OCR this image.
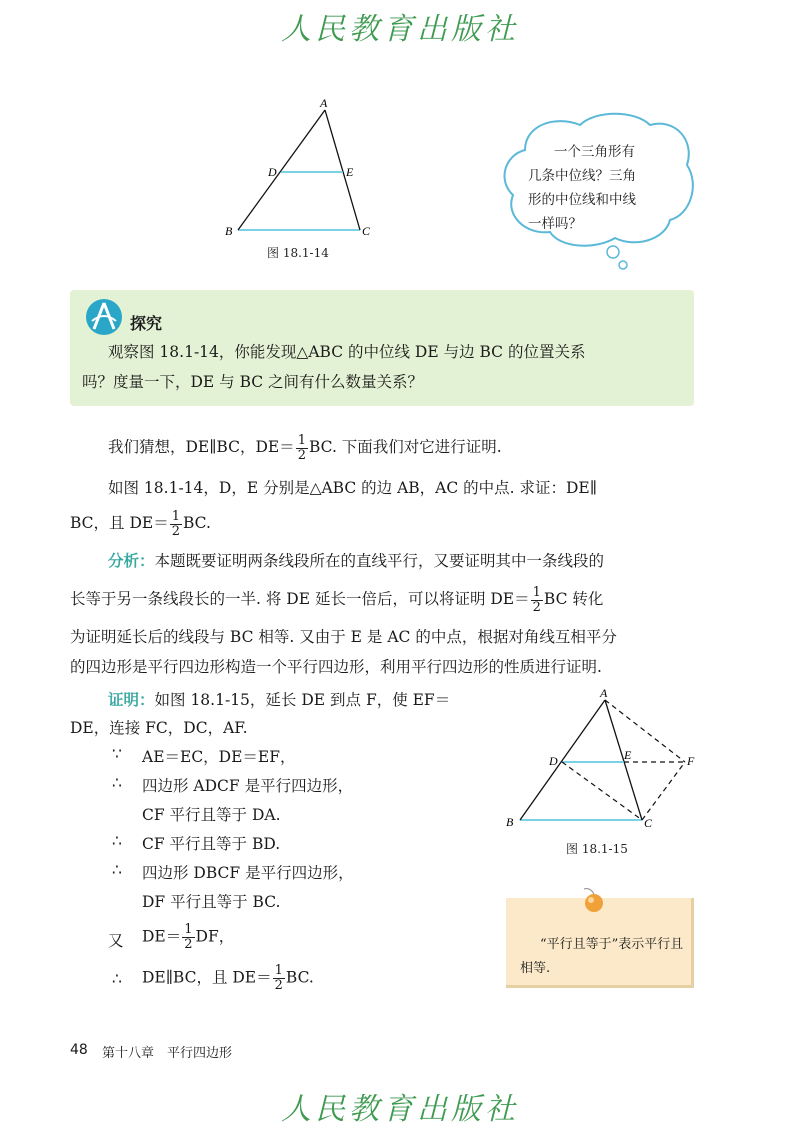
人民教育出版社
A
B	C
D	E
图 18.1-14
一个三角形有
几条中位线？三角
形的中位线和中线
一样吗？
探究
观察图 18.1-14，你能发现△ABC 的中位线 DE 与边 BC 的位置关系
吗？度量一下，DE 与 BC 之间有什么数量关系？
我们猜想，DE∥BC，$DE= \frac{1}{2}$ BC. 下面我们对它进行证明.
如图 18.1-14，D，E 分别是△ABC 的边 AB，AC 的中点. 求证：DE∥
BC，且 $DE= \frac{1}{2}$ BC.
分析：本题既要证明两条线段所在的直线平行，又要证明其中一条线段的
长等于另一条线段长的一半. 将 DE 延长一倍后，可以将证明 $DE= \frac{1}{2}$ BC 转化
为证明延长后的线段与 BC 相等. 又由于 E 是 AC 的中点，根据对角线互相平分
的四边形是平行四边形构造一个平行四边形，利用平行四边形的性质进行证明.
证明：如图 18.1-15，延长 DE 到点 F，使 EF＝
DE，连接 FC，DC，AF.
∵ AE＝EC，DE＝EF，
∴ 四边形 ADCF 是平行四边形，
CF 平行且等于 DA.
∴ CF 平行且等于 BD.
∴ 四边形 DBCF 是平行四边形，
DF 平行且等于 BC.
又 $DE= \frac{1}{2}$ DF，
∴ DE∥BC，且 $DE= \frac{1}{2}$ BC.
A
B	C
D	E	F
图 18.1-15
“平行且等于”表示平行且
相等.
48 第十八章　平行四边形
人民教育出版社
